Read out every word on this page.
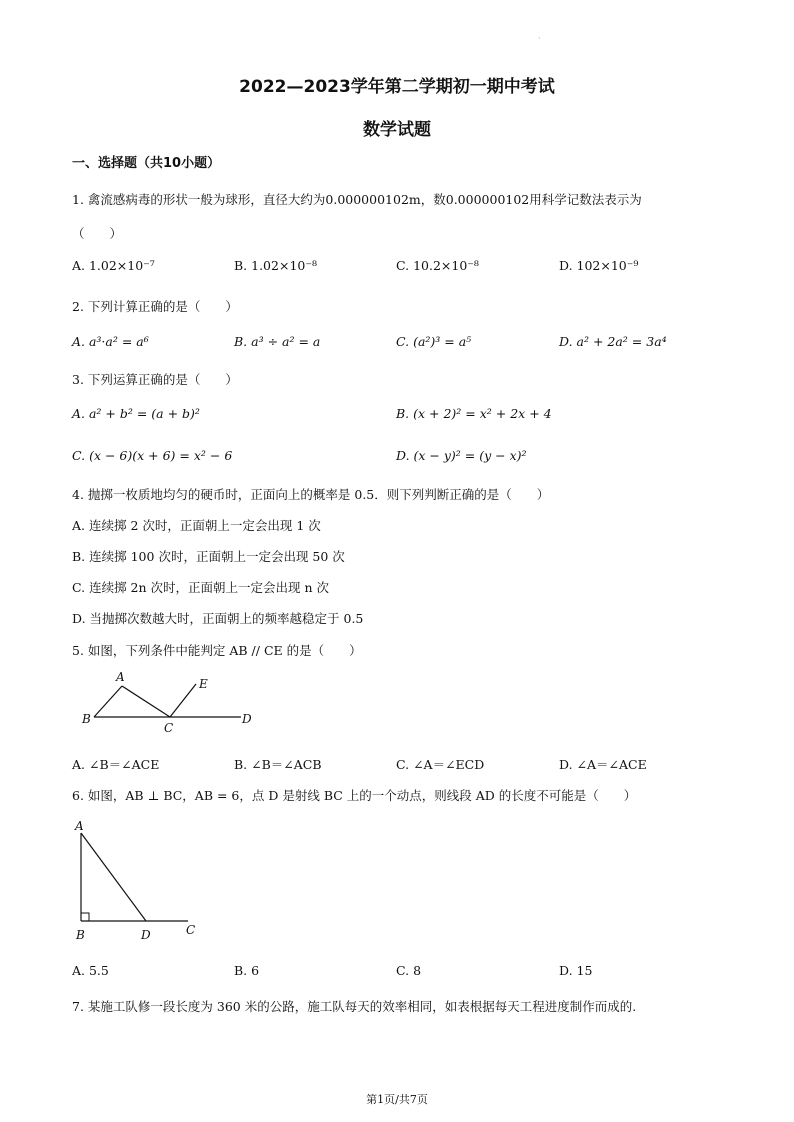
·
2022—2023学年第二学期初一期中考试
数学试题
一、选择题（共10小题）
1. 禽流感病毒的形状一般为球形，直径大约为0.000000102m，数0.000000102用科学记数法表示为
（　　）
A. 1.02×10⁻⁷	B. 1.02×10⁻⁸	C. 10.2×10⁻⁸	D. 102×10⁻⁹
2. 下列计算正确的是（　　）
A. a³·a² = a⁶	B. a³ ÷ a² = a	C. (a²)³ = a⁵	D. a² + 2a² = 3a⁴
3. 下列运算正确的是（　　）
A. a² + b² = (a + b)²	B. (x + 2)² = x² + 2x + 4
C. (x − 6)(x + 6) = x² − 6	D. (x − y)² = (y − x)²
4. 抛掷一枚质地均匀的硬币时，正面向上的概率是 0.5．则下列判断正确的是（　　）
A. 连续掷 2 次时，正面朝上一定会出现 1 次
B. 连续掷 100 次时，正面朝上一定会出现 50 次
C. 连续掷 2n 次时，正面朝上一定会出现 n 次
D. 当抛掷次数越大时，正面朝上的频率越稳定于 0.5
5. 如图，下列条件中能判定 AB // CE 的是（　　）
A
B
C
D
E
A. ∠B＝∠ACE	B. ∠B＝∠ACB	C. ∠A＝∠ECD	D. ∠A＝∠ACE
6. 如图，AB ⊥ BC，AB = 6，点 D 是射线 BC 上的一个动点，则线段 AD 的长度不可能是（　　）
A
B	C
D
A. 5.5	B. 6	C. 8	D. 15
7. 某施工队修一段长度为 360 米的公路，施工队每天的效率相同，如表根据每天工程进度制作而成的.
第1页/共7页
